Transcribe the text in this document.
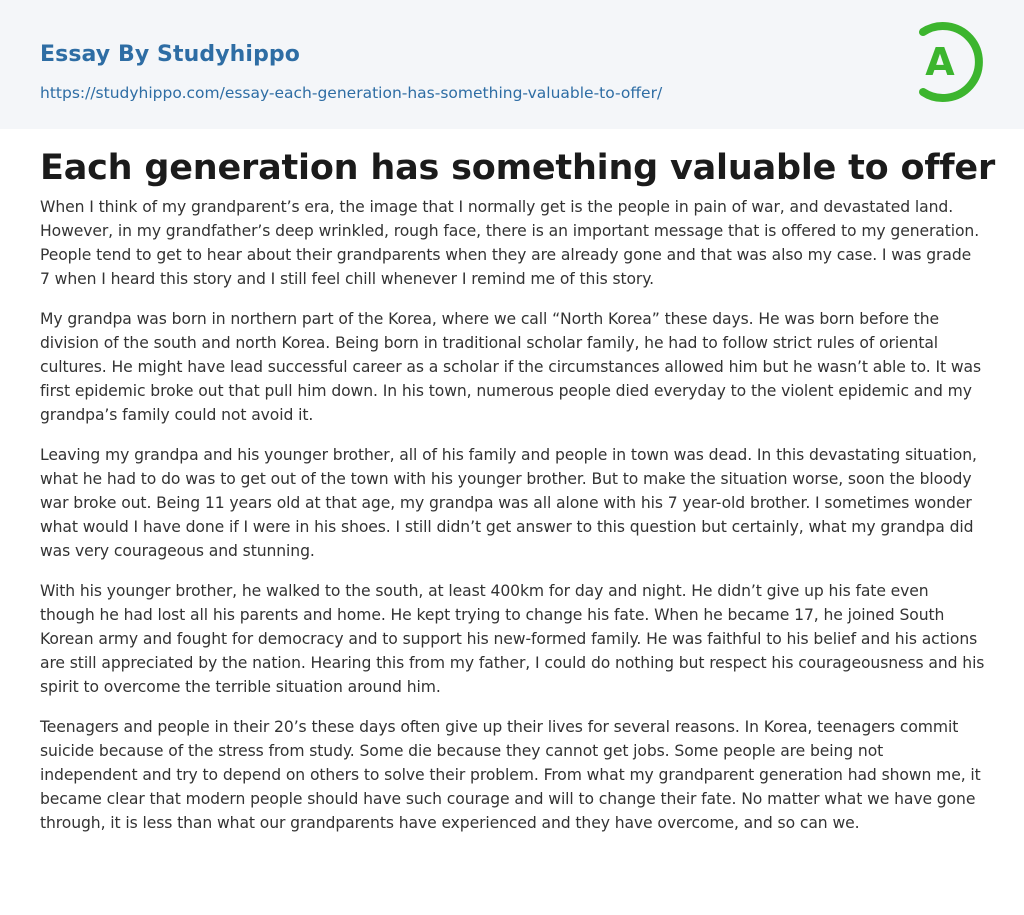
Essay By Studyhippo
https://studyhippo.com/essay-each-generation-has-something-valuable-to-offer/
A
Each generation has something valuable to offer

When I think of my grandparent’s era, the image that I normally get is the people in pain of war, and devastated land. However, in my grandfather’s deep wrinkled, rough face, there is an important message that is offered to my generation. People tend to get to hear about their grandparents when they are already gone and that was also my case. I was grade 7 when I heard this story and I still feel chill whenever I remind me of this story.

My grandpa was born in northern part of the Korea, where we call “North Korea” these days. He was born before the division of the south and north Korea. Being born in traditional scholar family, he had to follow strict rules of oriental cultures. He might have lead successful career as a scholar if the circumstances allowed him but he wasn’t able to. It was first epidemic broke out that pull him down. In his town, numerous people died everyday to the violent epidemic and my grandpa’s family could not avoid it.

Leaving my grandpa and his younger brother, all of his family and people in town was dead. In this devastating situation, what he had to do was to get out of the town with his younger brother. But to make the situation worse, soon the bloody war broke out. Being 11 years old at that age, my grandpa was all alone with his 7 year-old brother. I sometimes wonder what would I have done if I were in his shoes. I still didn’t get answer to this question but certainly, what my grandpa did was very courageous and stunning.

With his younger brother, he walked to the south, at least 400km for day and night. He didn’t give up his fate even though he had lost all his parents and home. He kept trying to change his fate. When he became 17, he joined South Korean army and fought for democracy and to support his new-formed family. He was faithful to his belief and his actions are still appreciated by the nation. Hearing this from my father, I could do nothing but respect his courageousness and his spirit to overcome the terrible situation around him.

Teenagers and people in their 20’s these days often give up their lives for several reasons. In Korea, teenagers commit suicide because of the stress from study. Some die because they cannot get jobs. Some people are being not independent and try to depend on others to solve their problem. From what my grandparent generation had shown me, it became clear that modern people should have such courage and will to change their fate. No matter what we have gone through, it is less than what our grandparents have experienced and they have overcome, and so can we.
